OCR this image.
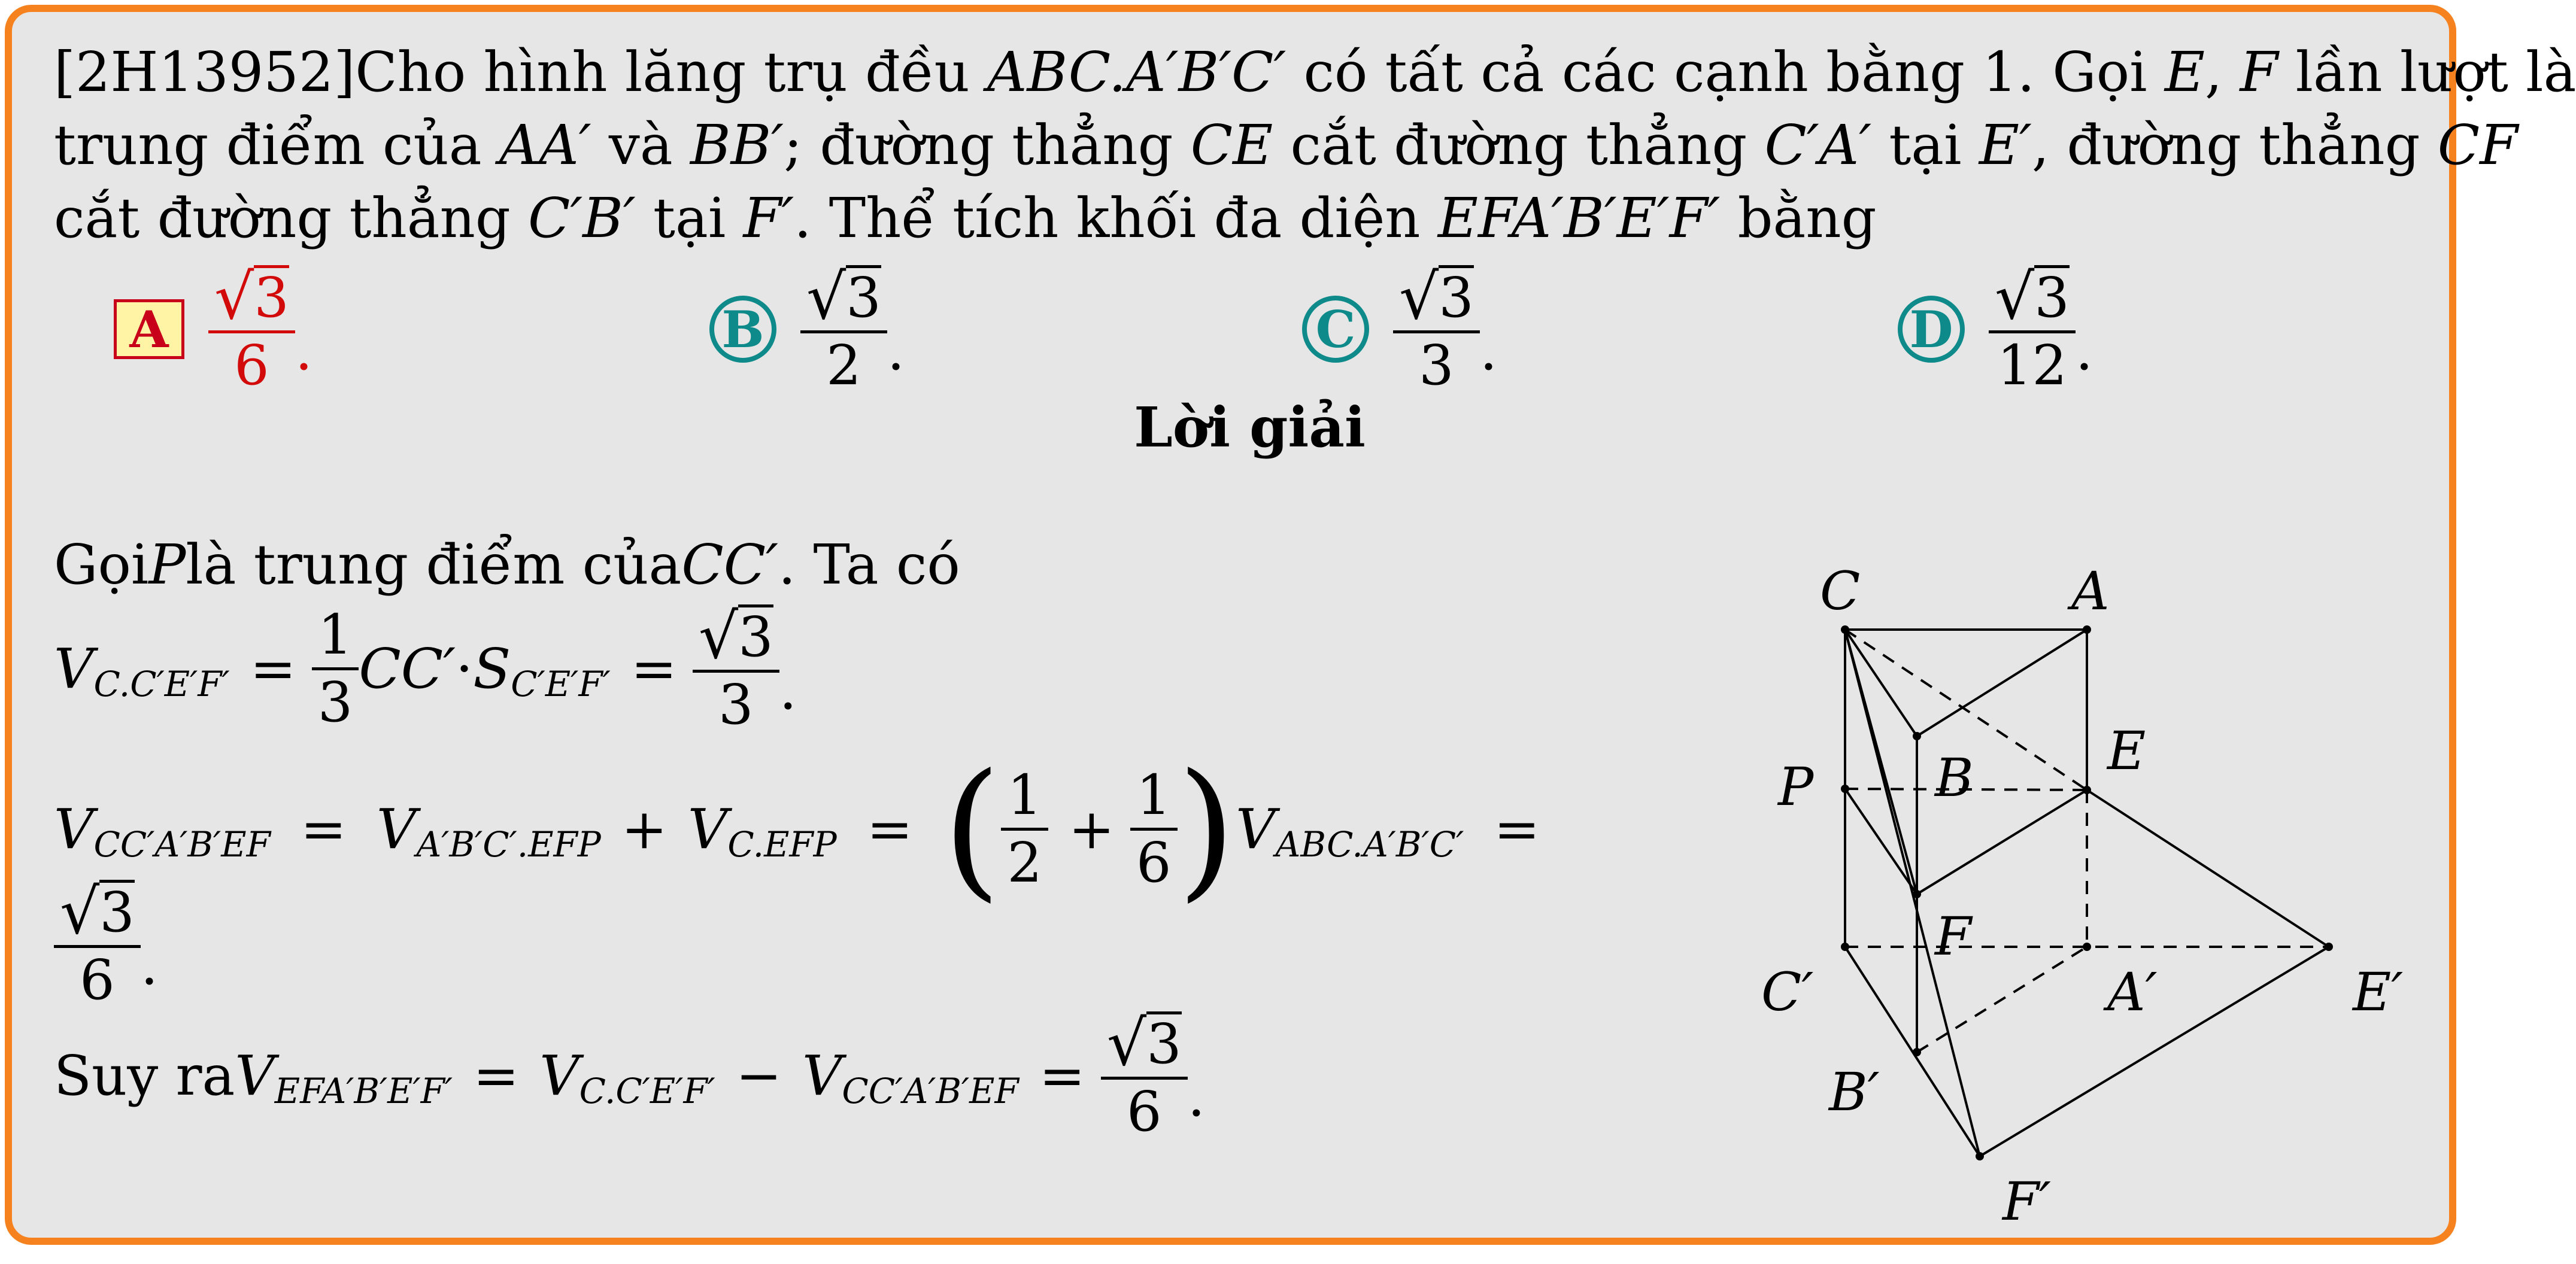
[2H13952]Cho hình lăng trụ đều ABC.A′B′C′ có tất cả các cạnh bằng 1. Gọi E, F lần lượt là

trung điểm của AA′ và BB′; đường thẳng CE cắt đường thẳng C′A′ tại E′, đường thẳng CF

cắt đường thẳng C′B′ tại F′. Thể tích khối đa diện EFA′B′E′F′ bằng

A √ 3
6 .	B √ 3
2 .	C √ 3
3 .	D √ 3
12 .
Lời giải
Gọi P là trung điểm của CC′ . Ta có
V C.C′E′F′ =
1
3
CC′ · S C′E′F′ = √ 3
3 .
V CC′A′B′EF = V A′B′C′.EFP + V C.EFP = ( 1
2
+
1
6 ) V ABC.A′B′C′ =
√ 3
6 .
Suy ra V EFA′B′E′F′ = V C.C′E′F′ − V CC′A′B′EF = √ 3
6 .
C	A
B	E
P
F
C′	A′	E′
B′
F′
